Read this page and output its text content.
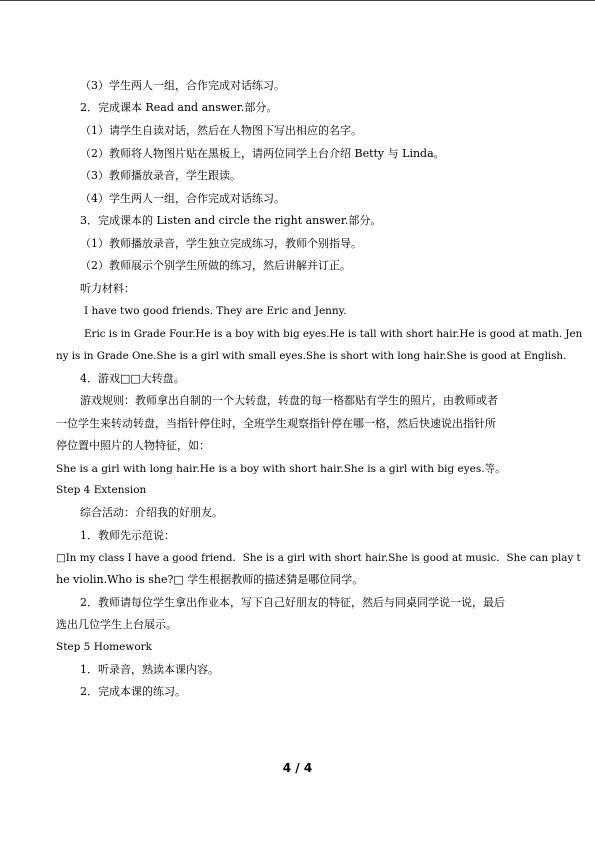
（3）学生两人一组，合作完成对话练习。
2．完成课本 Read and answer.部分。
（1）请学生自读对话，然后在人物图下写出相应的名字。
（2）教师将人物图片贴在黑板上，请两位同学上台介绍 Betty 与 Linda。
（3）教师播放录音，学生跟读。
（4）学生两人一组，合作完成对话练习。
3．完成课本的 Listen and circle the right answer.部分。
（1）教师播放录音，学生独立完成练习，教师个别指导。
（2）教师展示个别学生所做的练习，然后讲解并订正。
听力材料：
I have two good friends. They are Eric and Jenny.
Eric is in Grade Four.He is a boy with big eyes.He is tall with short hair.He is good at math. Jen
ny is in Grade One.She is a girl with small eyes.She is short with long hair.She is good at English.
4．游戏□□大转盘。
游戏规则：教师拿出自制的一个大转盘，转盘的每一格都贴有学生的照片，由教师或者
一位学生来转动转盘，当指针停住时，全班学生观察指针停在哪一格，然后快速说出指针所
停位置中照片的人物特征，如：
She is a girl with long hair.He is a boy with short hair.She is a girl with big eyes.等。
Step 4 Extension
综合活动：介绍我的好朋友。
1．教师先示范说：
□In my class I have a good friend．She is a girl with short hair.She is good at music．She can play t
he violin.Who is she?□ 学生根据教师的描述猜是哪位同学。
2．教师请每位学生拿出作业本，写下自己好朋友的特征，然后与同桌同学说一说，最后
选出几位学生上台展示。
Step 5 Homework
1．听录音，熟读本课内容。
2．完成本课的练习。
4 / 4
